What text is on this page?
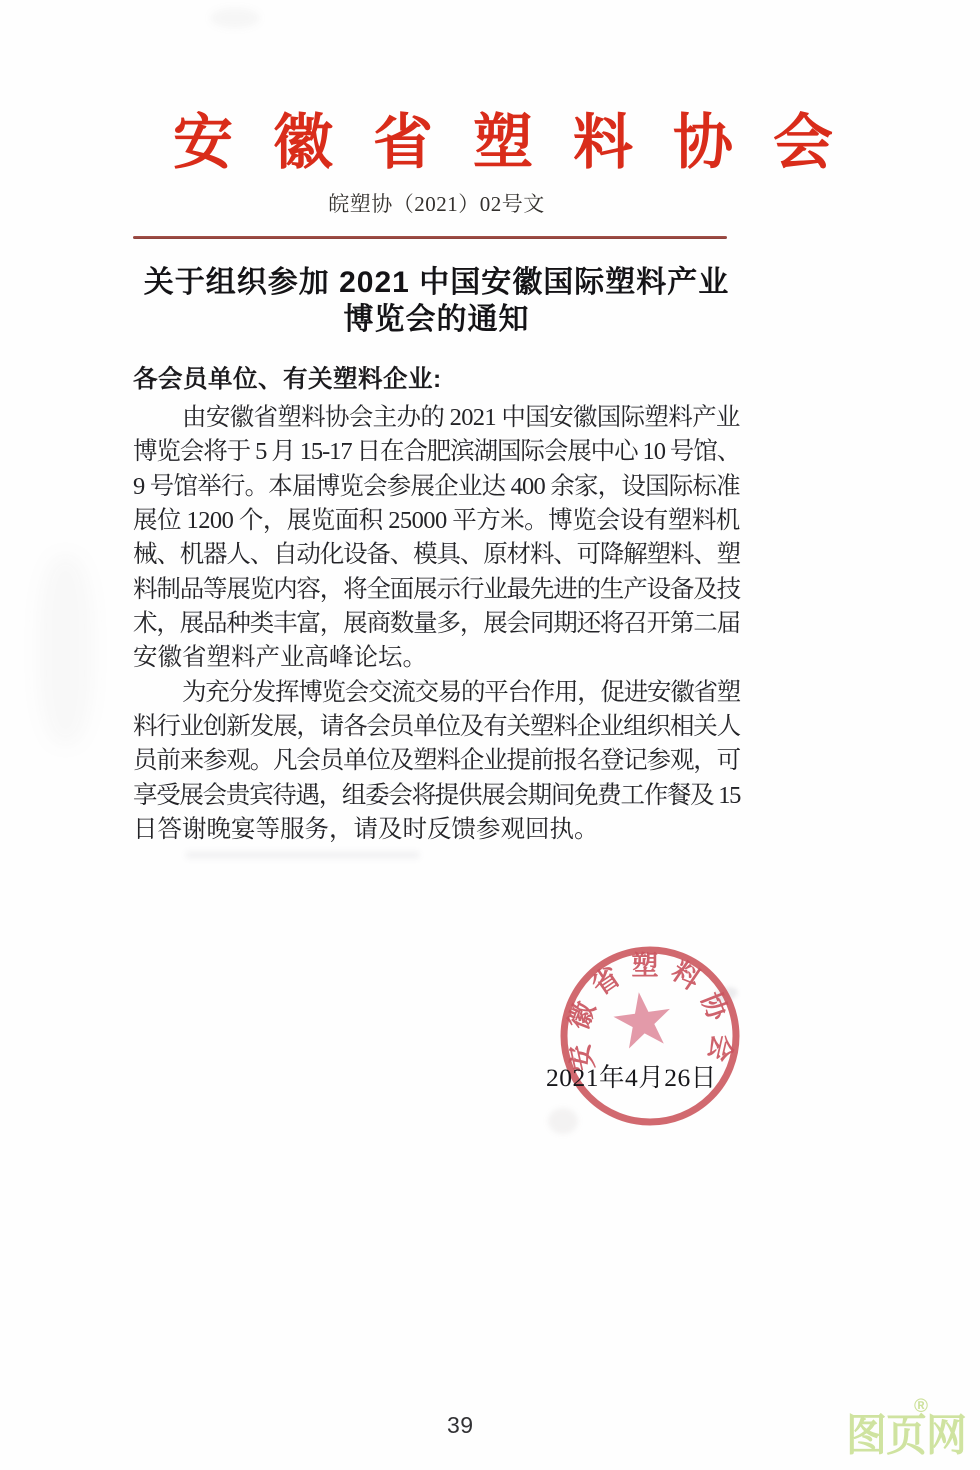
安徽省塑料协会
皖塑协（2021）02号文
关于组织参加 2021 中国安徽国际塑料产业
博览会的通知
各会员单位、有关塑料企业:
由安徽省塑料协会主办的 2021 中国安徽国际塑料产业
博览会将于 5 月 15-17 日在合肥滨湖国际会展中心 10 号馆、
9 号馆举行。本届博览会参展企业达 400 余家，设国际标准
展位 1200 个，展览面积 25000 平方米。博览会设有塑料机
械、机器人、自动化设备、模具、原材料、可降解塑料、塑
料制品等展览内容，将全面展示行业最先进的生产设备及技
术，展品种类丰富，展商数量多，展会同期还将召开第二届
安徽省塑料产业高峰论坛。
为充分发挥博览会交流交易的平台作用，促进安徽省塑
料行业创新发展，请各会员单位及有关塑料企业组织相关人
员前来参观。凡会员单位及塑料企业提前报名登记参观，可
享受展会贵宾待遇，组委会将提供展会期间免费工作餐及 15
日答谢晚宴等服务，请及时反馈参观回执。
安徽省塑料协会
2021年4月26日
39	图页网
®
